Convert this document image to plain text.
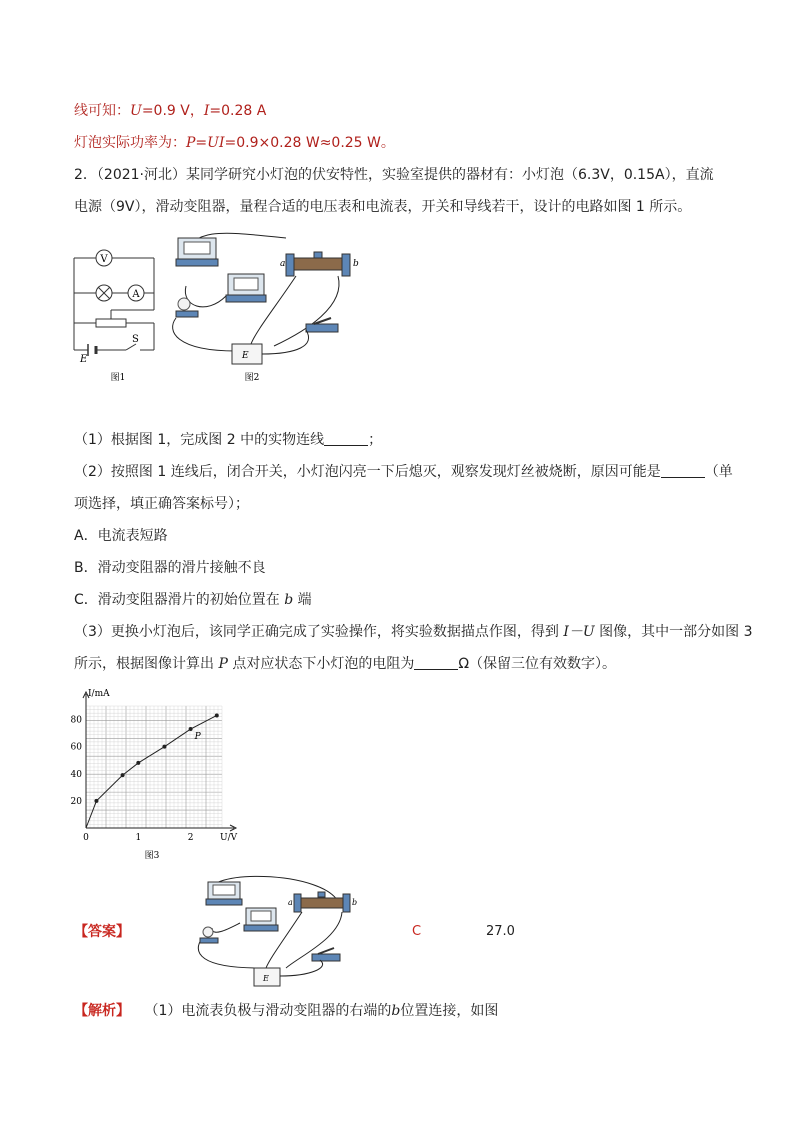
线可知：U=0.9 V，I=0.28 A
灯泡实际功率为：P=UI=0.9×0.28 W≈0.25 W。
2．（2021·河北）某同学研究小灯泡的伏安特性，实验室提供的器材有：小灯泡（6.3V，0.15A），直流
电源（9V），滑动变阻器，量程合适的电压表和电流表，开关和导线若干，设计的电路如图 1 所示。
V
A
E
S
图1
a	b
E
图2
（1）根据图 1，完成图 2 中的实物连线	；
（2）按照图 1 连线后，闭合开关，小灯泡闪亮一下后熄灭，观察发现灯丝被烧断，原因可能是	（单
项选择，填正确答案标号）；
A．电流表短路
B．滑动变阻器的滑片接触不良
C．滑动变阻器滑片的初始位置在 b 端
（3）更换小灯泡后，该同学正确完成了实验操作，将实验数据描点作图，得到 I－U 图像，其中一部分如图 3
所示，根据图像计算出 P 点对应状态下小灯泡的电阻为	Ω（保留三位有效数字）。
0	1	2
20
40
60
80
P
I/mA
U/V
图3
【答案】
a	b
E
C	27.0
【解析】 （1）电流表负极与滑动变阻器的右端的b位置连接，如图
